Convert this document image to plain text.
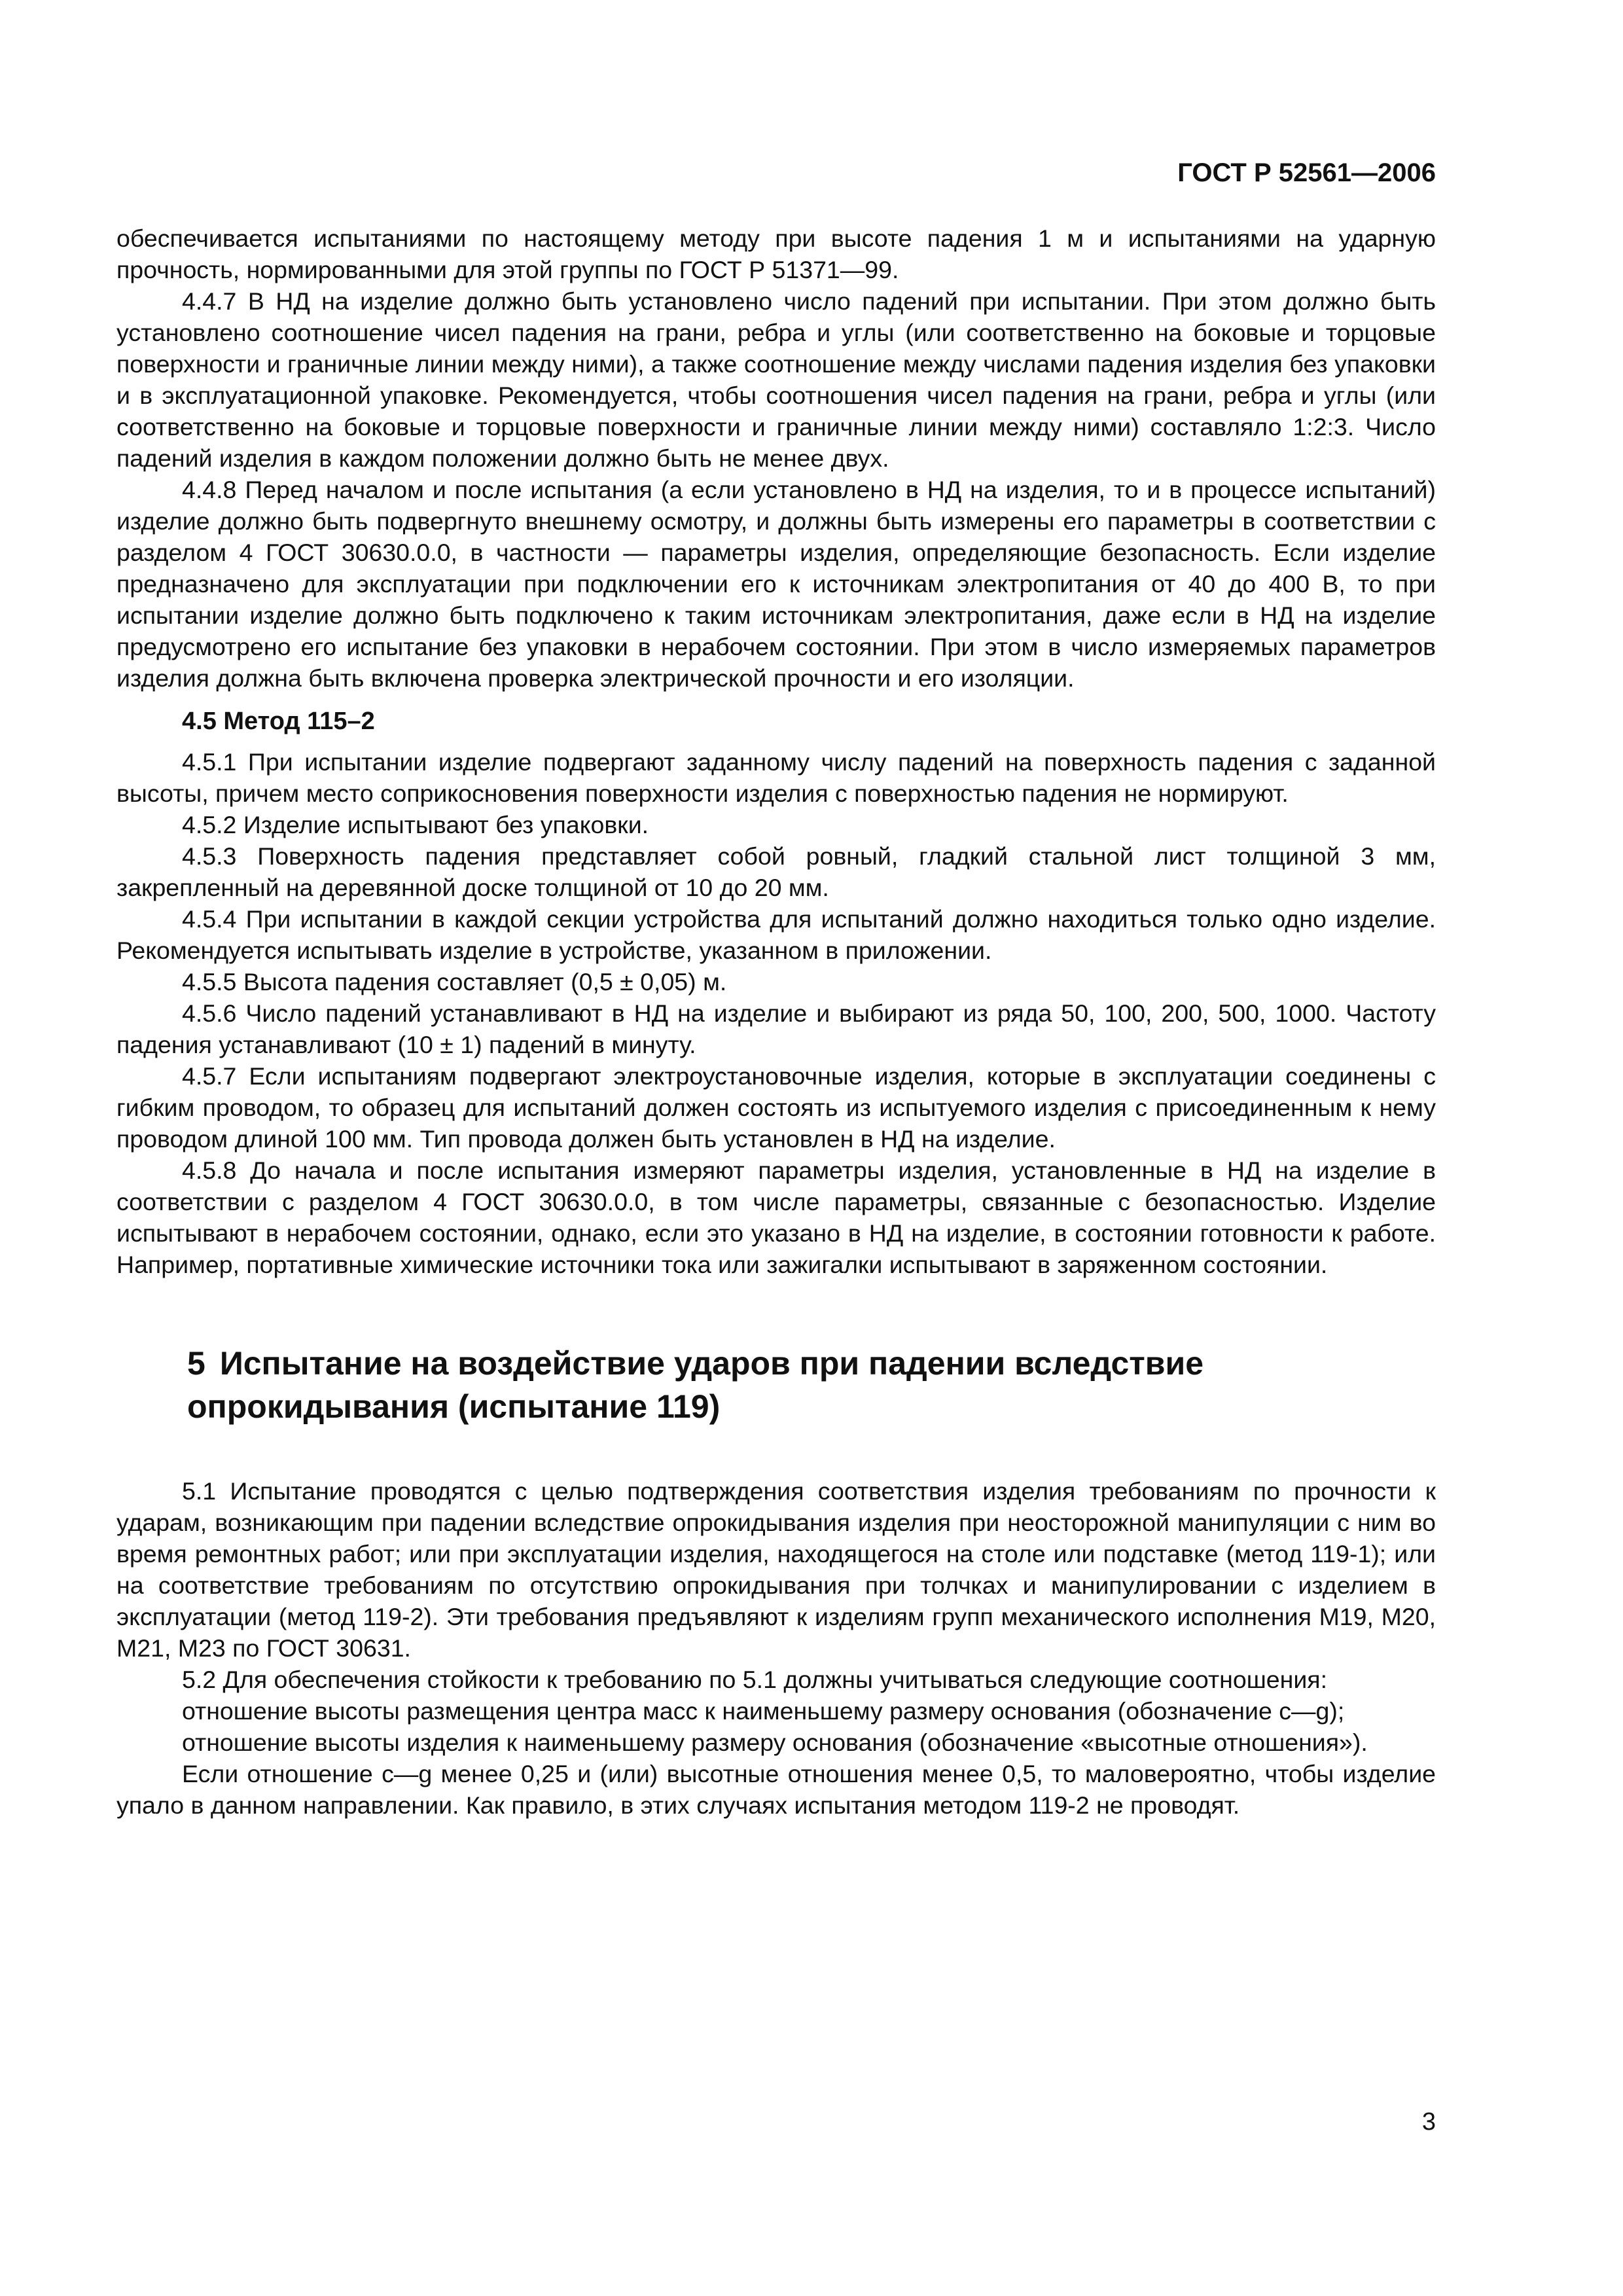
ГОСТ Р 52561—2006

обеспечивается испытаниями по настоящему методу при высоте падения 1 м и испытаниями на ударную прочность, нормированными для этой группы по ГОСТ Р 51371—99.

4.4.7 В НД на изделие должно быть установлено число падений при испытании. При этом должно быть установлено соотношение чисел падения на грани, ребра и углы (или соответственно на боковые и торцовые поверхности и граничные линии между ними), а также соотношение между числами падения изделия без упаковки и в эксплуатационной упаковке. Рекомендуется, чтобы соотношения чисел падения на грани, ребра и углы (или соответственно на боковые и торцовые поверхности и граничные линии между ними) составляло 1:2:3. Число падений изделия в каждом положении должно быть не менее двух.

4.4.8 Перед началом и после испытания (а если установлено в НД на изделия, то и в процессе испытаний) изделие должно быть подвергнуто внешнему осмотру, и должны быть измерены его параметры в соответствии с разделом 4 ГОСТ 30630.0.0, в частности — параметры изделия, определяющие безопасность. Если изделие предназначено для эксплуатации при подключении его к источникам электропитания от 40 до 400 В, то при испытании изделие должно быть подключено к таким источникам электропитания, даже если в НД на изделие предусмотрено его испытание без упаковки в нерабочем состоянии. При этом в число измеряемых параметров изделия должна быть включена проверка электрической прочности и его изоляции.

4.5 Метод 115–2

4.5.1 При испытании изделие подвергают заданному числу падений на поверхность падения с заданной высоты, причем место соприкосновения поверхности изделия с поверхностью падения не нормируют.

4.5.2 Изделие испытывают без упаковки.

4.5.3 Поверхность падения представляет собой ровный, гладкий стальной лист толщиной 3 мм, закрепленный на деревянной доске толщиной от 10 до 20 мм.

4.5.4 При испытании в каждой секции устройства для испытаний должно находиться только одно изделие. Рекомендуется испытывать изделие в устройстве, указанном в приложении.

4.5.5 Высота падения составляет (0,5 ± 0,05) м.

4.5.6 Число падений устанавливают в НД на изделие и выбирают из ряда 50, 100, 200, 500, 1000. Частоту падения устанавливают (10 ± 1) падений в минуту.

4.5.7 Если испытаниям подвергают электроустановочные изделия, которые в эксплуатации соединены с гибким проводом, то образец для испытаний должен состоять из испытуемого изделия с присоединенным к нему проводом длиной 100 мм. Тип провода должен быть установлен в НД на изделие.

4.5.8 До начала и после испытания измеряют параметры изделия, установленные в НД на изделие в соответствии с разделом 4 ГОСТ 30630.0.0, в том числе параметры, связанные с безопасностью. Изделие испытывают в нерабочем состоянии, однако, если это указано в НД на изделие, в состоянии готовности к работе. Например, портативные химические источники тока или зажигалки испытывают в заряженном состоянии.

5 Испытание на воздействие ударов при падении вследствие опрокидывания (испытание 119)

5.1 Испытание проводятся с целью подтверждения соответствия изделия требованиям по прочности к ударам, возникающим при падении вследствие опрокидывания изделия при неосторожной манипуляции с ним во время ремонтных работ; или при эксплуатации изделия, находящегося на столе или подставке (метод 119-1); или на соответствие требованиям по отсутствию опрокидывания при толчках и манипулировании с изделием в эксплуатации (метод 119-2). Эти требования предъявляют к изделиям групп механического исполнения М19, М20, М21, М23 по ГОСТ 30631.

5.2 Для обеспечения стойкости к требованию по 5.1 должны учитываться следующие соотношения:

отношение высоты размещения центра масс к наименьшему размеру основания (обозначение c—g);

отношение высоты изделия к наименьшему размеру основания (обозначение «высотные отношения»).

Если отношение c—g менее 0,25 и (или) высотные отношения менее 0,5, то маловероятно, чтобы изделие упало в данном направлении. Как правило, в этих случаях испытания методом 119-2 не проводят.

3
